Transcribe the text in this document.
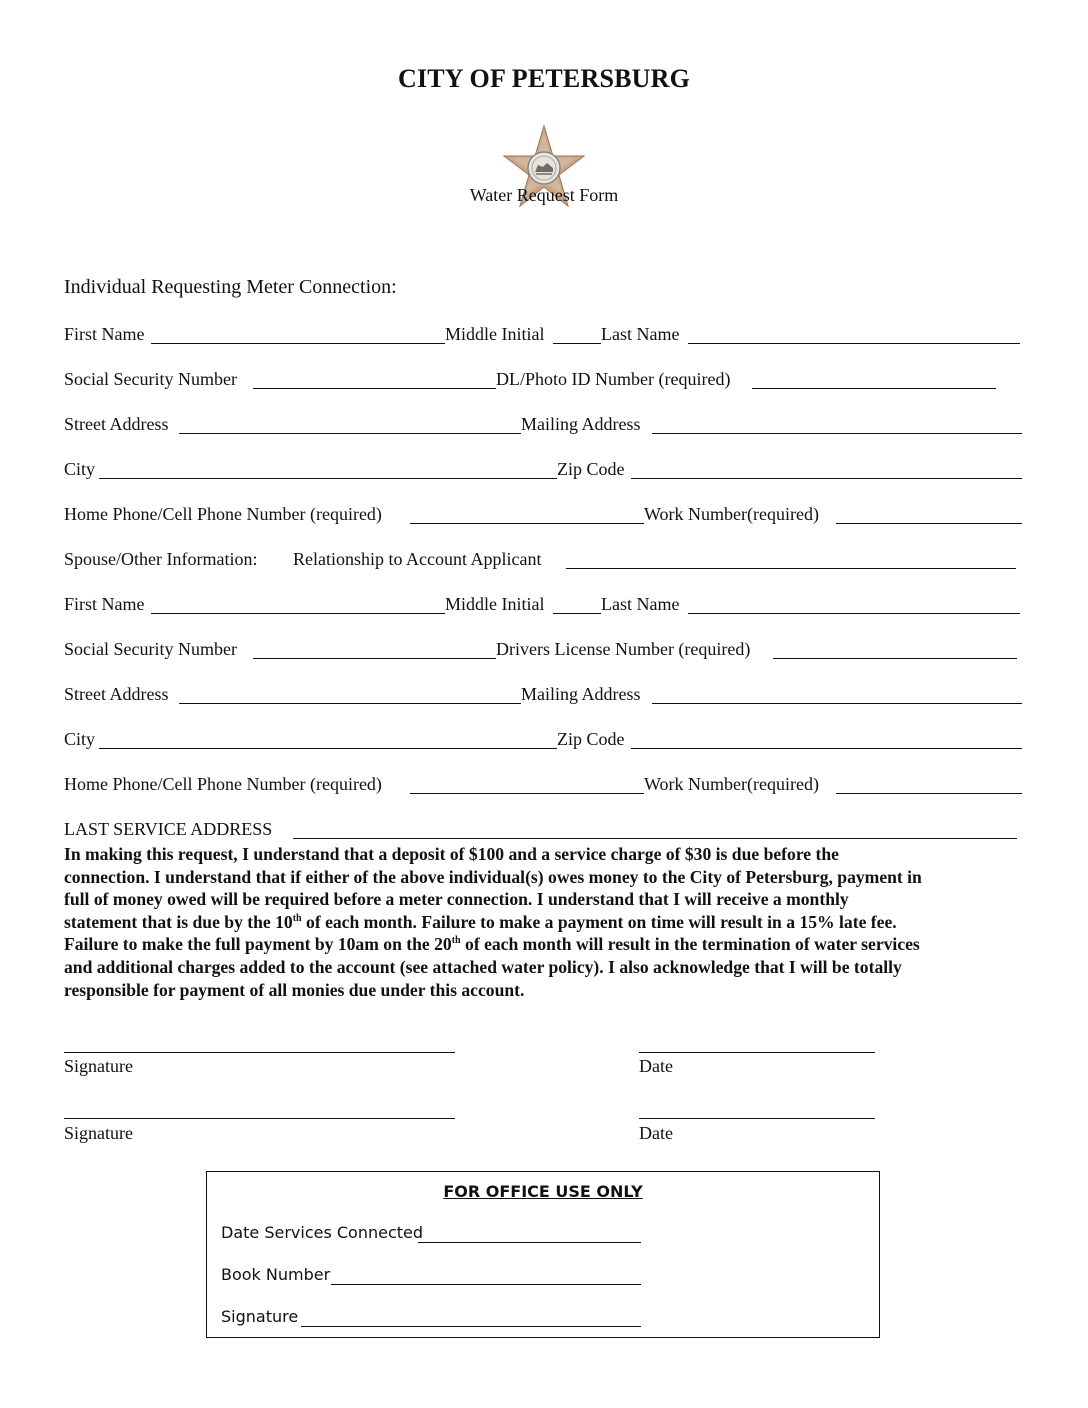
CITY OF PETERSBURG
Water Request Form
Individual Requesting Meter Connection:
First Name	Middle Initial	Last Name
Social Security Number	DL/Photo ID Number (required)
Street Address	Mailing Address
City	Zip Code
Home Phone/Cell Phone Number (required)	Work Number(required)
Spouse/Other Information: Relationship to Account Applicant
First Name	Middle Initial	Last Name
Social Security Number	Drivers License Number (required)
Street Address	Mailing Address
City	Zip Code
Home Phone/Cell Phone Number (required)	Work Number(required)
LAST SERVICE ADDRESS

In making this request, I understand that a deposit of $100 and a service charge of $30 is due before the

connection. I understand that if either of the above individual(s) owes money to the City of Petersburg, payment in

full of money owed will be required before a meter connection. I understand that I will receive a monthly

statement that is due by the 10th of each month. Failure to make a payment on time will result in a 15% late fee.

Failure to make the full payment by 10am on the 20th of each month will result in the termination of water services

and additional charges added to the account (see attached water policy). I also acknowledge that I will be totally

responsible for payment of all monies due under this account.

Signature	Date
Signature	Date
FOR OFFICE USE ONLY
Date Services Connected
Book Number
Signature
